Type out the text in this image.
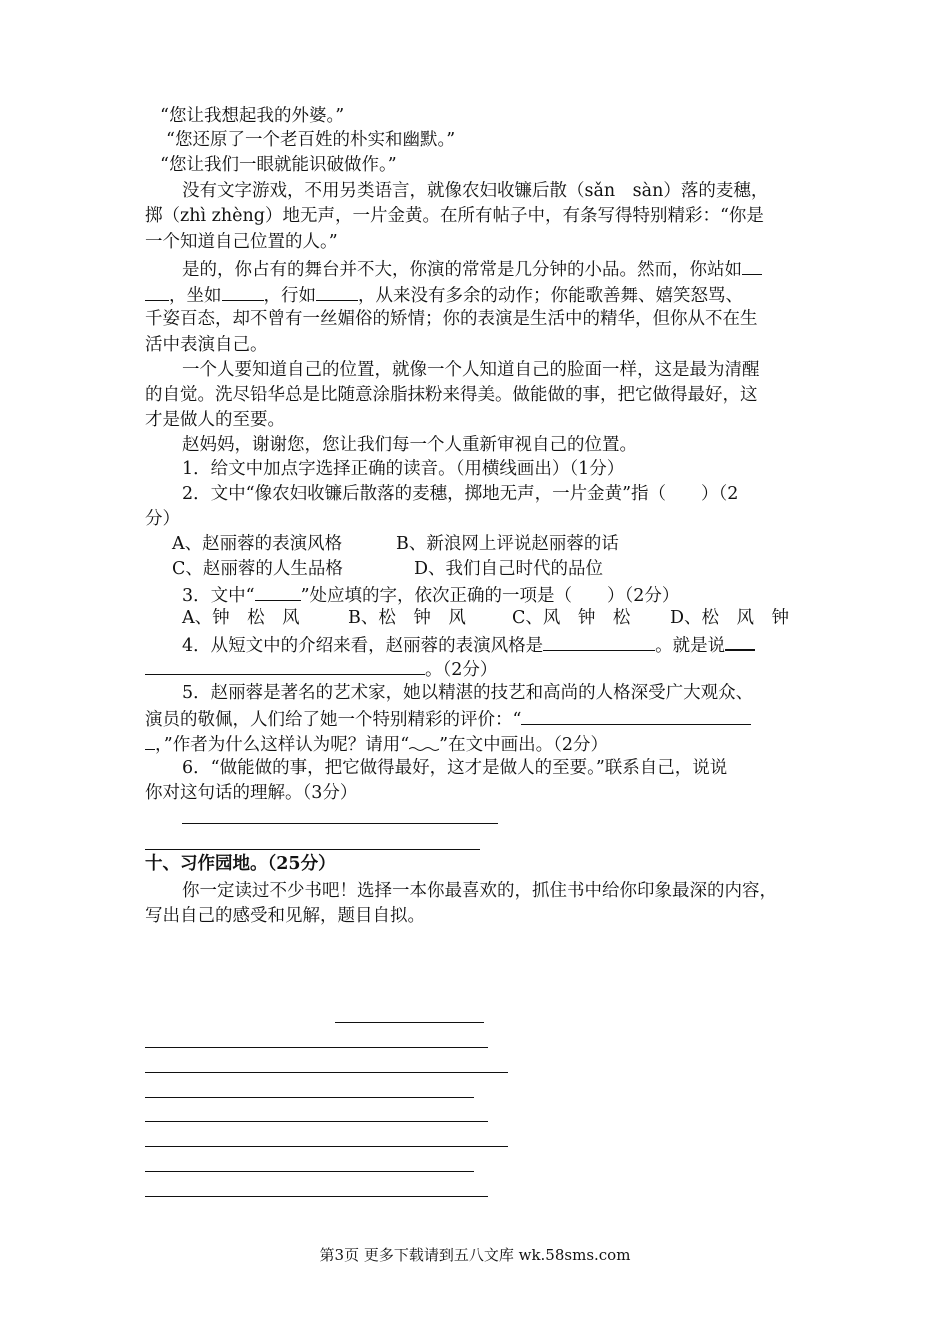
“您让我想起我的外婆。”

“您还原了一个老百姓的朴实和幽默。”

“您让我们一眼就能识破做作。”

没有文字游戏，不用另类语言，就像农妇收镰后散（sǎn　sàn）落的麦穗，

掷（zhì zhèng）地无声，一片金黄。在所有帖子中，有条写得特别精彩：“你是

一个知道自己位置的人。”

是的，你占有的舞台并不大，你演的常常是几分钟的小品。然而，你站如

，坐如 ，行如 ，从来没有多余的动作；你能歌善舞、嬉笑怒骂、

千姿百态，却不曾有一丝媚俗的矫情；你的表演是生活中的精华，但你从不在生

活中表演自己。

一个人要知道自己的位置，就像一个人知道自己的脸面一样，这是最为清醒

的自觉。洗尽铅华总是比随意涂脂抹粉来得美。做能做的事，把它做得最好，这

才是做人的至要。

赵妈妈，谢谢您，您让我们每一个人重新审视自己的位置。

1．给文中加点字选择正确的读音。（用横线画出）（1分）

2．文中“像农妇收镰后散落的麦穗，掷地无声，一片金黄”指（　　）（2

分）

A、赵丽蓉的表演风格	B、新浪网上评说赵丽蓉的话

C、赵丽蓉的人生品格	D、我们自己时代的品位

3．文中“	”处应填的字，依次正确的一项是（　　）（2分）

A、钟　松　风	B、松　钟　风	C、风　钟　松 D、松　风　钟

4．从短文中的介绍来看，赵丽蓉的表演风格是	。就是说

。（2分）

5．赵丽蓉是著名的艺术家，她以精湛的技艺和高尚的人格深受广大观众、

演员的敬佩，人们给了她一个特别精彩的评价：“

，”作者为什么这样认为呢？请用“ ”在文中画出。（2分）

6．“做能做的事，把它做得最好，这才是做人的至要。”联系自己，说说

你对这句话的理解。（3分）

十、习作园地。（25分）

你一定读过不少书吧！选择一本你最喜欢的，抓住书中给你印象最深的内容，

写出自己的感受和见解，题目自拟。

第3页 更多下载请到五八文库 wk.58sms.com
